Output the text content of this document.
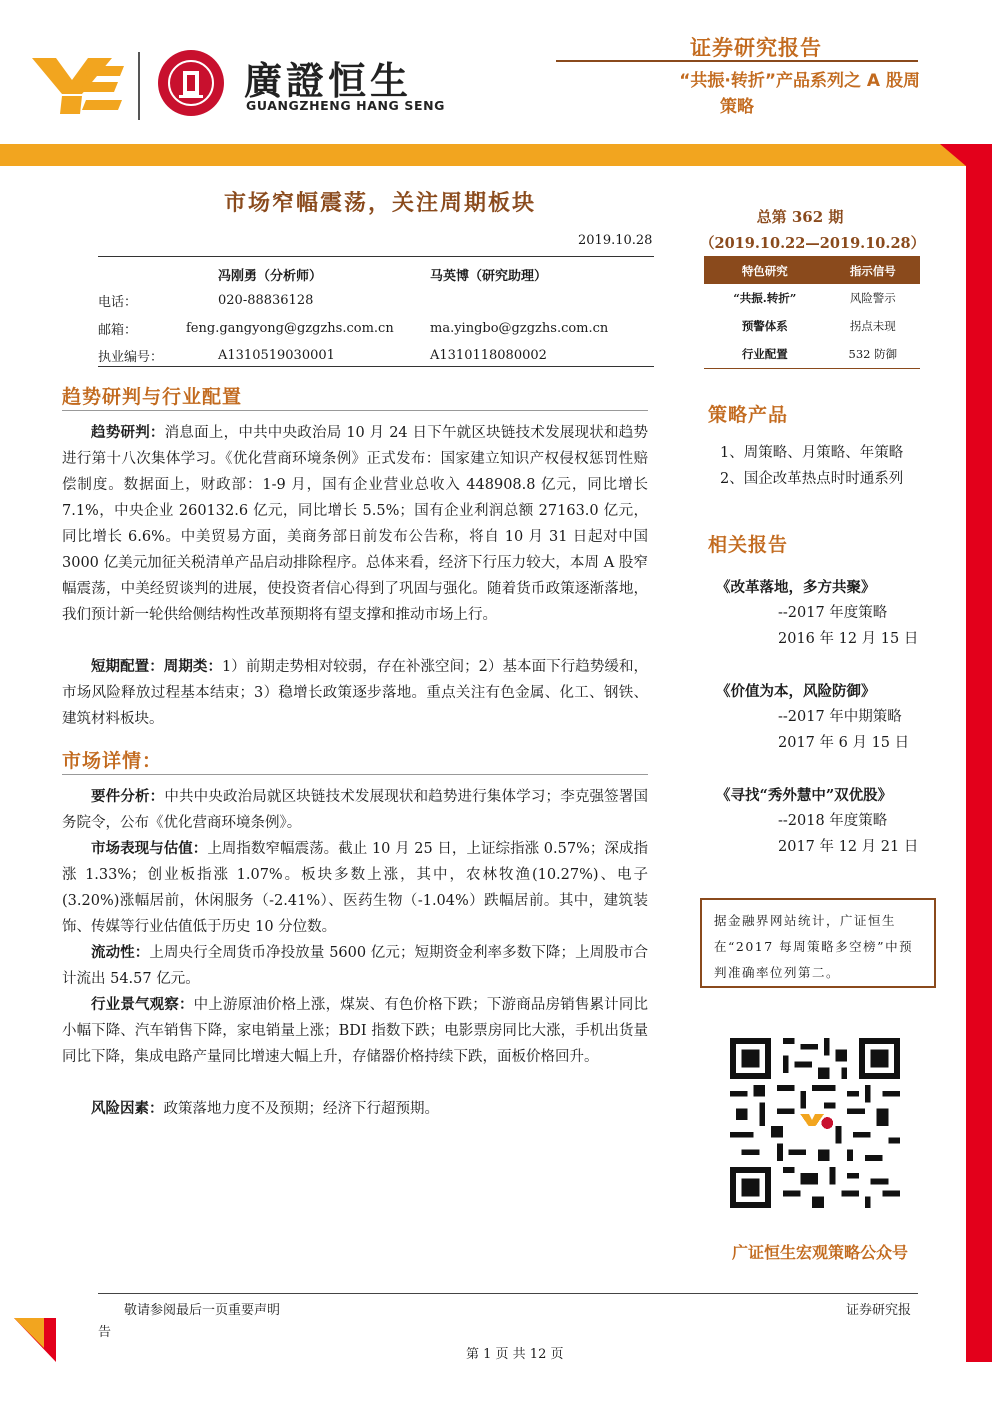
廣證恒生
GUANGZHENG HANG SENG
证券研究报告
“共振·转折”产品系列之 A 股周
策略
市场窄幅震荡，关注周期板块
2019.10.28
冯刚勇（分析师）	马英博（研究助理）
电话：	020-88836128
邮箱：	feng.gangyong@gzgzhs.com.cn	ma.yingbo@gzgzhs.com.cn
执业编号：	A1310519030001	A1310118080002
总第 362 期
（2019.10.22—2019.10.28）
特色研究	指示信号
“共振.转折”	风险警示
预警体系	拐点未现
行业配置	532 防御
趋势研判与行业配置
趋势研判：消息面上，中共中央政治局 10 月 24 日下午就区块链技术发展现状和趋势进行第十八次集体学习。《优化营商环境条例》正式发布：国家建立知识产权侵权惩罚性赔偿制度。数据面上，财政部：1-9 月，国有企业营业总收入 448908.8 亿元，同比增长 7.1%，中央企业 260132.6 亿元，同比增长 5.5%；国有企业利润总额 27163.0 亿元，同比增长 6.6%。中美贸易方面，美商务部日前发布公告称，将自 10 月 31 日起对中国 3000 亿美元加征关税清单产品启动排除程序。总体来看，经济下行压力较大，本周 A 股窄幅震荡，中美经贸谈判的进展，使投资者信心得到了巩固与强化。随着货币政策逐渐落地，我们预计新一轮供给侧结构性改革预期将有望支撑和推动市场上行。
短期配置：周期类：1）前期走势相对较弱，存在补涨空间；2）基本面下行趋势缓和，市场风险释放过程基本结束；3）稳增长政策逐步落地。重点关注有色金属、化工、钢铁、建筑材料板块。
市场详情：
要件分析：中共中央政治局就区块链技术发展现状和趋势进行集体学习；李克强签署国务院令，公布《优化营商环境条例》。
市场表现与估值：上周指数窄幅震荡。截止 10 月 25 日，上证综指涨 0.57%；深成指涨 1.33%；创业板指涨 1.07%。板块多数上涨，其中，农林牧渔(10.27%)、电子(3.20%)涨幅居前，休闲服务（-2.41%）、医药生物（-1.04%）跌幅居前。其中，建筑装饰、传媒等行业估值低于历史 10 分位数。
流动性：上周央行全周货币净投放量 5600 亿元；短期资金利率多数下降；上周股市合计流出 54.57 亿元。
行业景气观察：中上游原油价格上涨，煤炭、有色价格下跌；下游商品房销售累计同比小幅下降、汽车销售下降，家电销量上涨；BDI 指数下跌；电影票房同比大涨，手机出货量同比下降，集成电路产量同比增速大幅上升，存储器价格持续下跌，面板价格回升。
风险因素：政策落地力度不及预期；经济下行超预期。
策略产品
1、周策略、月策略、年策略
2、国企改革热点时时通系列
相关报告
《改革落地，多方共聚》
--2017 年度策略
2016 年 12 月 15 日
《价值为本，风险防御》
--2017 年中期策略
2017 年 6 月 15 日
《寻找“秀外慧中”双优股》
--2018 年度策略
2017 年 12 月 21 日
据金融界网站统计，广证恒生在“2017 每周策略多空榜”中预判准确率位列第二。
广证恒生宏观策略公众号
敬请参阅最后一页重要声明
告
证券研究报
第 1 页 共 12 页
